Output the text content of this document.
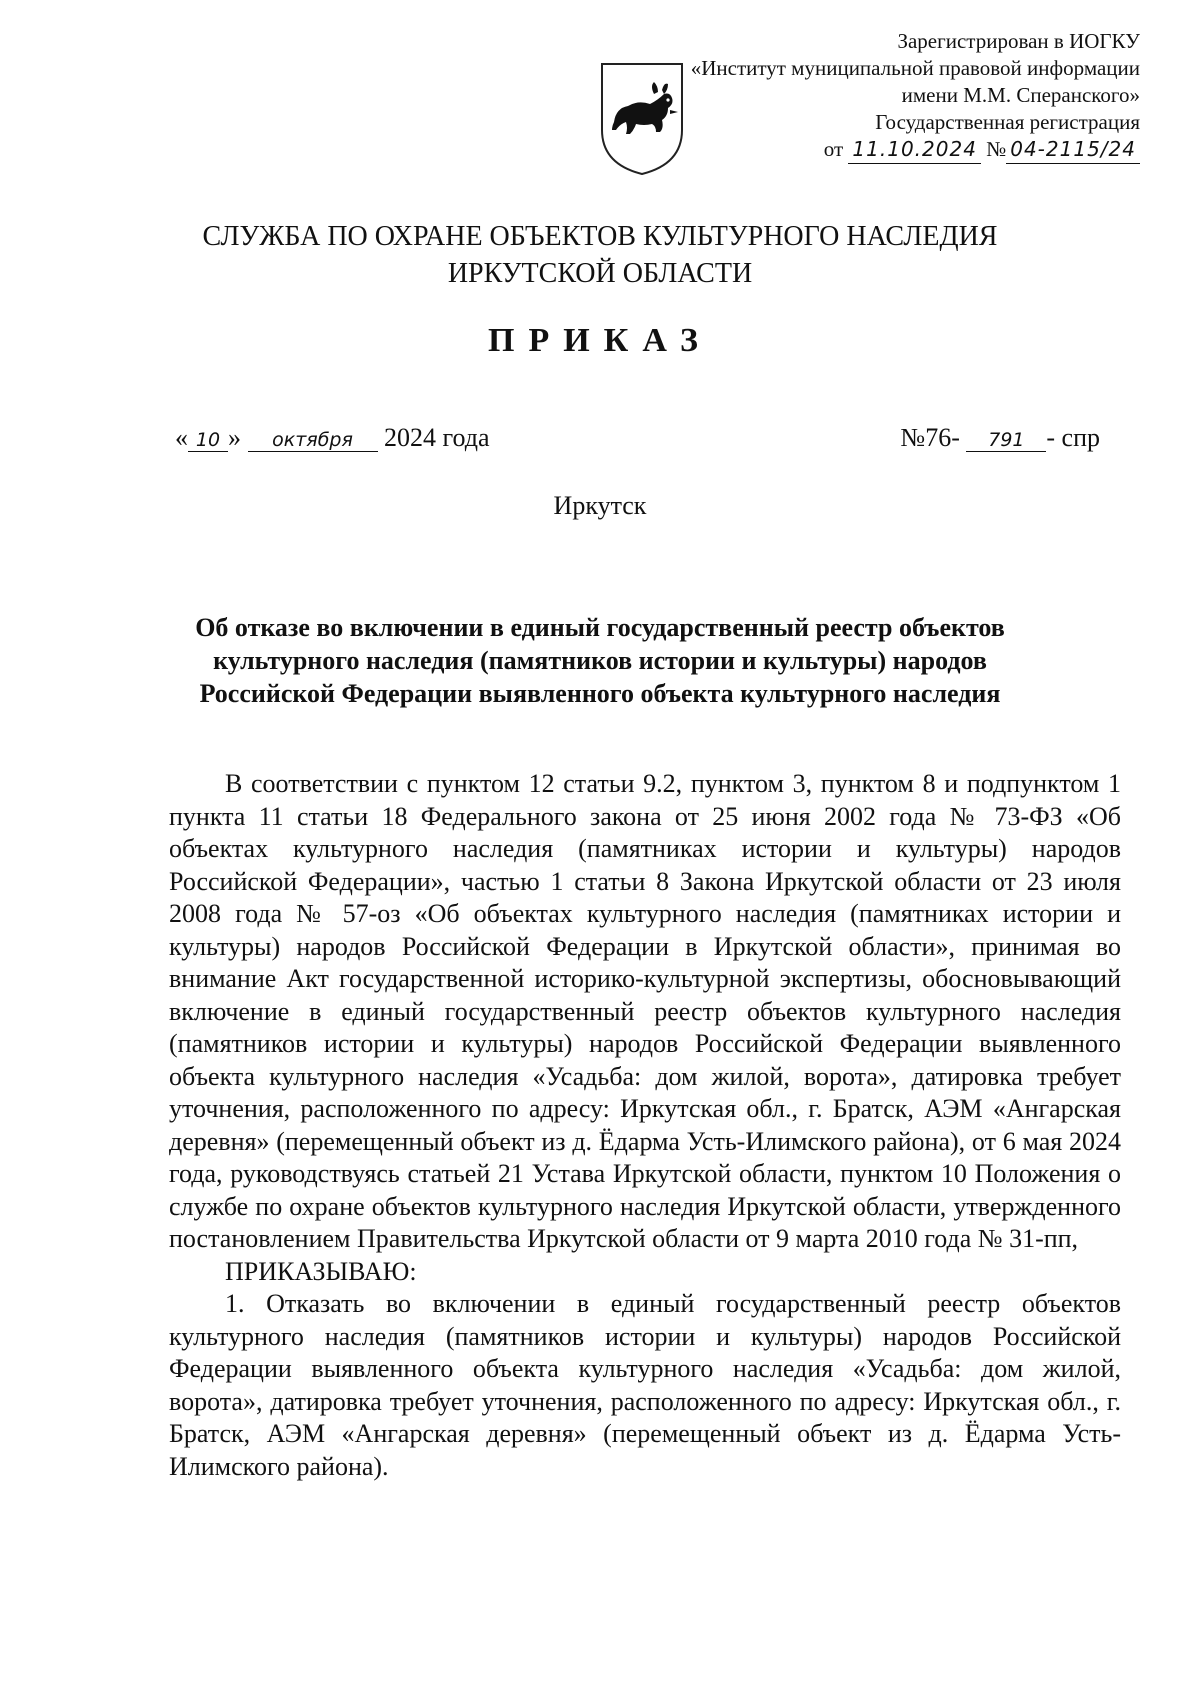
Зарегистрирован в ИОГКУ
«Институт муниципальной правовой информации
имени М.М. Сперанского»
Государственная регистрация
от 11.10.2024 № 04-2115/24
СЛУЖБА ПО ОХРАНЕ ОБЪЕКТОВ КУЛЬТУРНОГО НАСЛЕДИЯ
ИРКУТСКОЙ ОБЛАСТИ
ПРИКАЗ
« 10 » октября 2024 года	№76- 791 - спр
Иркутск
Об отказе во включении в единый государственный реестр объектов
культурного наследия (памятников истории и культуры) народов
Российской Федерации выявленного объекта культурного наследия

В соответствии с пунктом 12 статьи 9.2, пунктом 3, пунктом 8 и подпунктом 1 пункта 11 статьи 18 Федерального закона от 25 июня 2002 года № 73-ФЗ «Об объектах культурного наследия (памятниках истории и культуры) народов Российской Федерации», частью 1 статьи 8 Закона Иркутской области от 23 июля 2008 года № 57-оз «Об объектах культурного наследия (памятниках истории и культуры) народов Российской Федерации в Иркутской области», принимая во внимание Акт государственной историко-культурной экспертизы, обосновывающий включение в единый государственный реестр объектов культурного наследия (памятников истории и культуры) народов Российской Федерации выявленного объекта культурного наследия «Усадьба: дом жилой, ворота», датировка требует уточнения, расположенного по адресу: Иркутская обл., г. Братск, АЭМ «Ангарская деревня» (перемещенный объект из д. Ёдарма Усть-Илимского района), от 6 мая 2024 года, руководствуясь статьей 21 Устава Иркутской области, пунктом 10 Положения о службе по охране объектов культурного наследия Иркутской области, утвержденного постановлением Правительства Иркутской области от 9 марта 2010 года № 31-пп,

ПРИКАЗЫВАЮ:

1. Отказать во включении в единый государственный реестр объектов культурного наследия (памятников истории и культуры) народов Российской Федерации выявленного объекта культурного наследия «Усадьба: дом жилой, ворота», датировка требует уточнения, расположенного по адресу: Иркутская обл., г. Братск, АЭМ «Ангарская деревня» (перемещенный объект из д. Ёдарма Усть-Илимского района).
